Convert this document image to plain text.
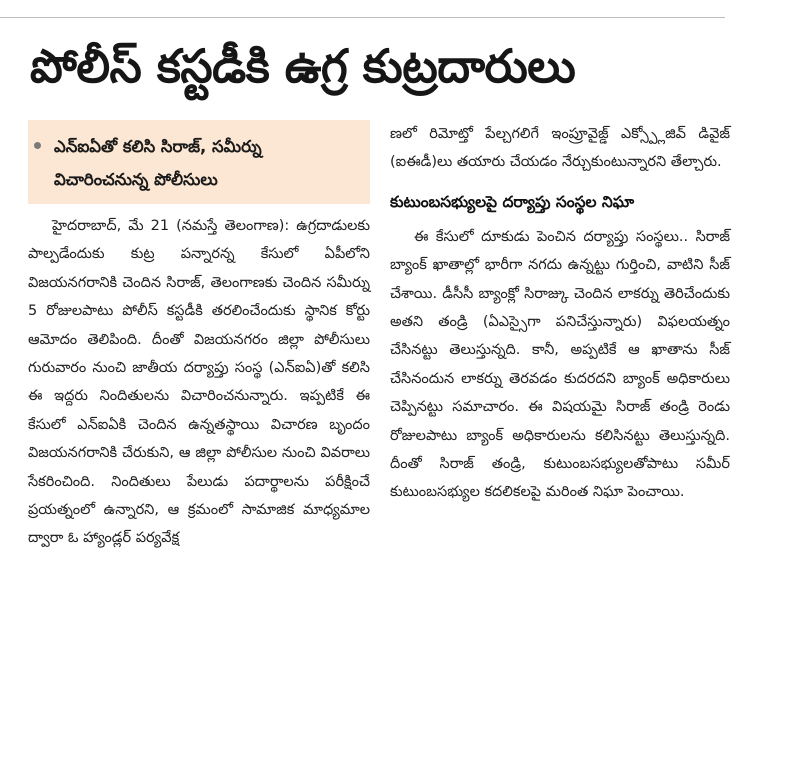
పోలీస్ కస్టడీకి ఉగ్ర కుట్రదారులు

ఎన్ఐఏతో కలిసి సిరాజ్, సమీర్ను విచారించనున్న పోలీసులు

హైదరాబాద్, మే 21 (నమస్తే తెలంగాణ): ఉగ్రదాడులకు పాల్పడేందుకు కుట్ర పన్నారన్న కేసులో ఏపీలోని విజయనగరానికి చెందిన సిరాజ్, తెలంగాణకు చెందిన సమీర్ను 5 రోజులపాటు పోలీస్ కస్టడీకి తరలించేందుకు స్థానిక కోర్టు ఆమోదం తెలిపింది. దీంతో విజయనగరం జిల్లా పోలీసులు గురువారం నుంచి జాతీయ దర్యాప్తు సంస్థ (ఎన్ఐఏ)తో కలిసి ఈ ఇద్దరు నిందితులను విచారించనున్నారు. ఇప్పటికే ఈ కేసులో ఎన్ఐఏకి చెందిన ఉన్నతస్థాయి విచారణ బృందం విజయనగరానికి చేరుకుని, ఆ జిల్లా పోలీసుల నుంచి వివరాలు సేకరించింది. నిందితులు పేలుడు పదార్థాలను పరీక్షించే ప్రయత్నంలో ఉన్నారని, ఆ క్రమంలో సామాజిక మాధ్యమాల ద్వారా ఓ హ్యాండ్లర్ పర్యవేక్ష

ణలో రిమోట్తో పేల్చగలిగే ఇంప్రూవైజ్డ్ ఎక్స్ప్లోజివ్ డివైజ్ (ఐఈడీ)లు తయారు చేయడం నేర్చుకుంటున్నారని తేల్చారు.

కుటుంబసభ్యులపై దర్యాప్తు సంస్థల నిఘా

ఈ కేసులో దూకుడు పెంచిన దర్యాప్తు సంస్థలు.. సిరాజ్ బ్యాంక్ ఖాతాల్లో భారీగా నగదు ఉన్నట్టు గుర్తించి, వాటిని సీజ్ చేశాయి. డీసీసీ బ్యాంక్లో సిరాజ్కు చెందిన లాకర్ను తెరిచేందుకు అతని తండ్రి (ఏఎస్సైగా పనిచేస్తున్నారు) విఫలయత్నం చేసినట్టు తెలుస్తున్నది. కానీ, అప్పటికే ఆ ఖాతాను సీజ్ చేసినందున లాకర్ను తెరవడం కుదరదని బ్యాంక్ అధికారులు చెప్పినట్టు సమాచారం. ఈ విషయమై సిరాజ్ తండ్రి రెండు రోజులపాటు బ్యాంక్ అధికారులను కలిసినట్టు తెలుస్తున్నది. దీంతో సిరాజ్ తండ్రి, కుటుంబసభ్యులతోపాటు సమీర్ కుటుంబసభ్యుల కదలికలపై మరింత నిఘా పెంచాయి.
